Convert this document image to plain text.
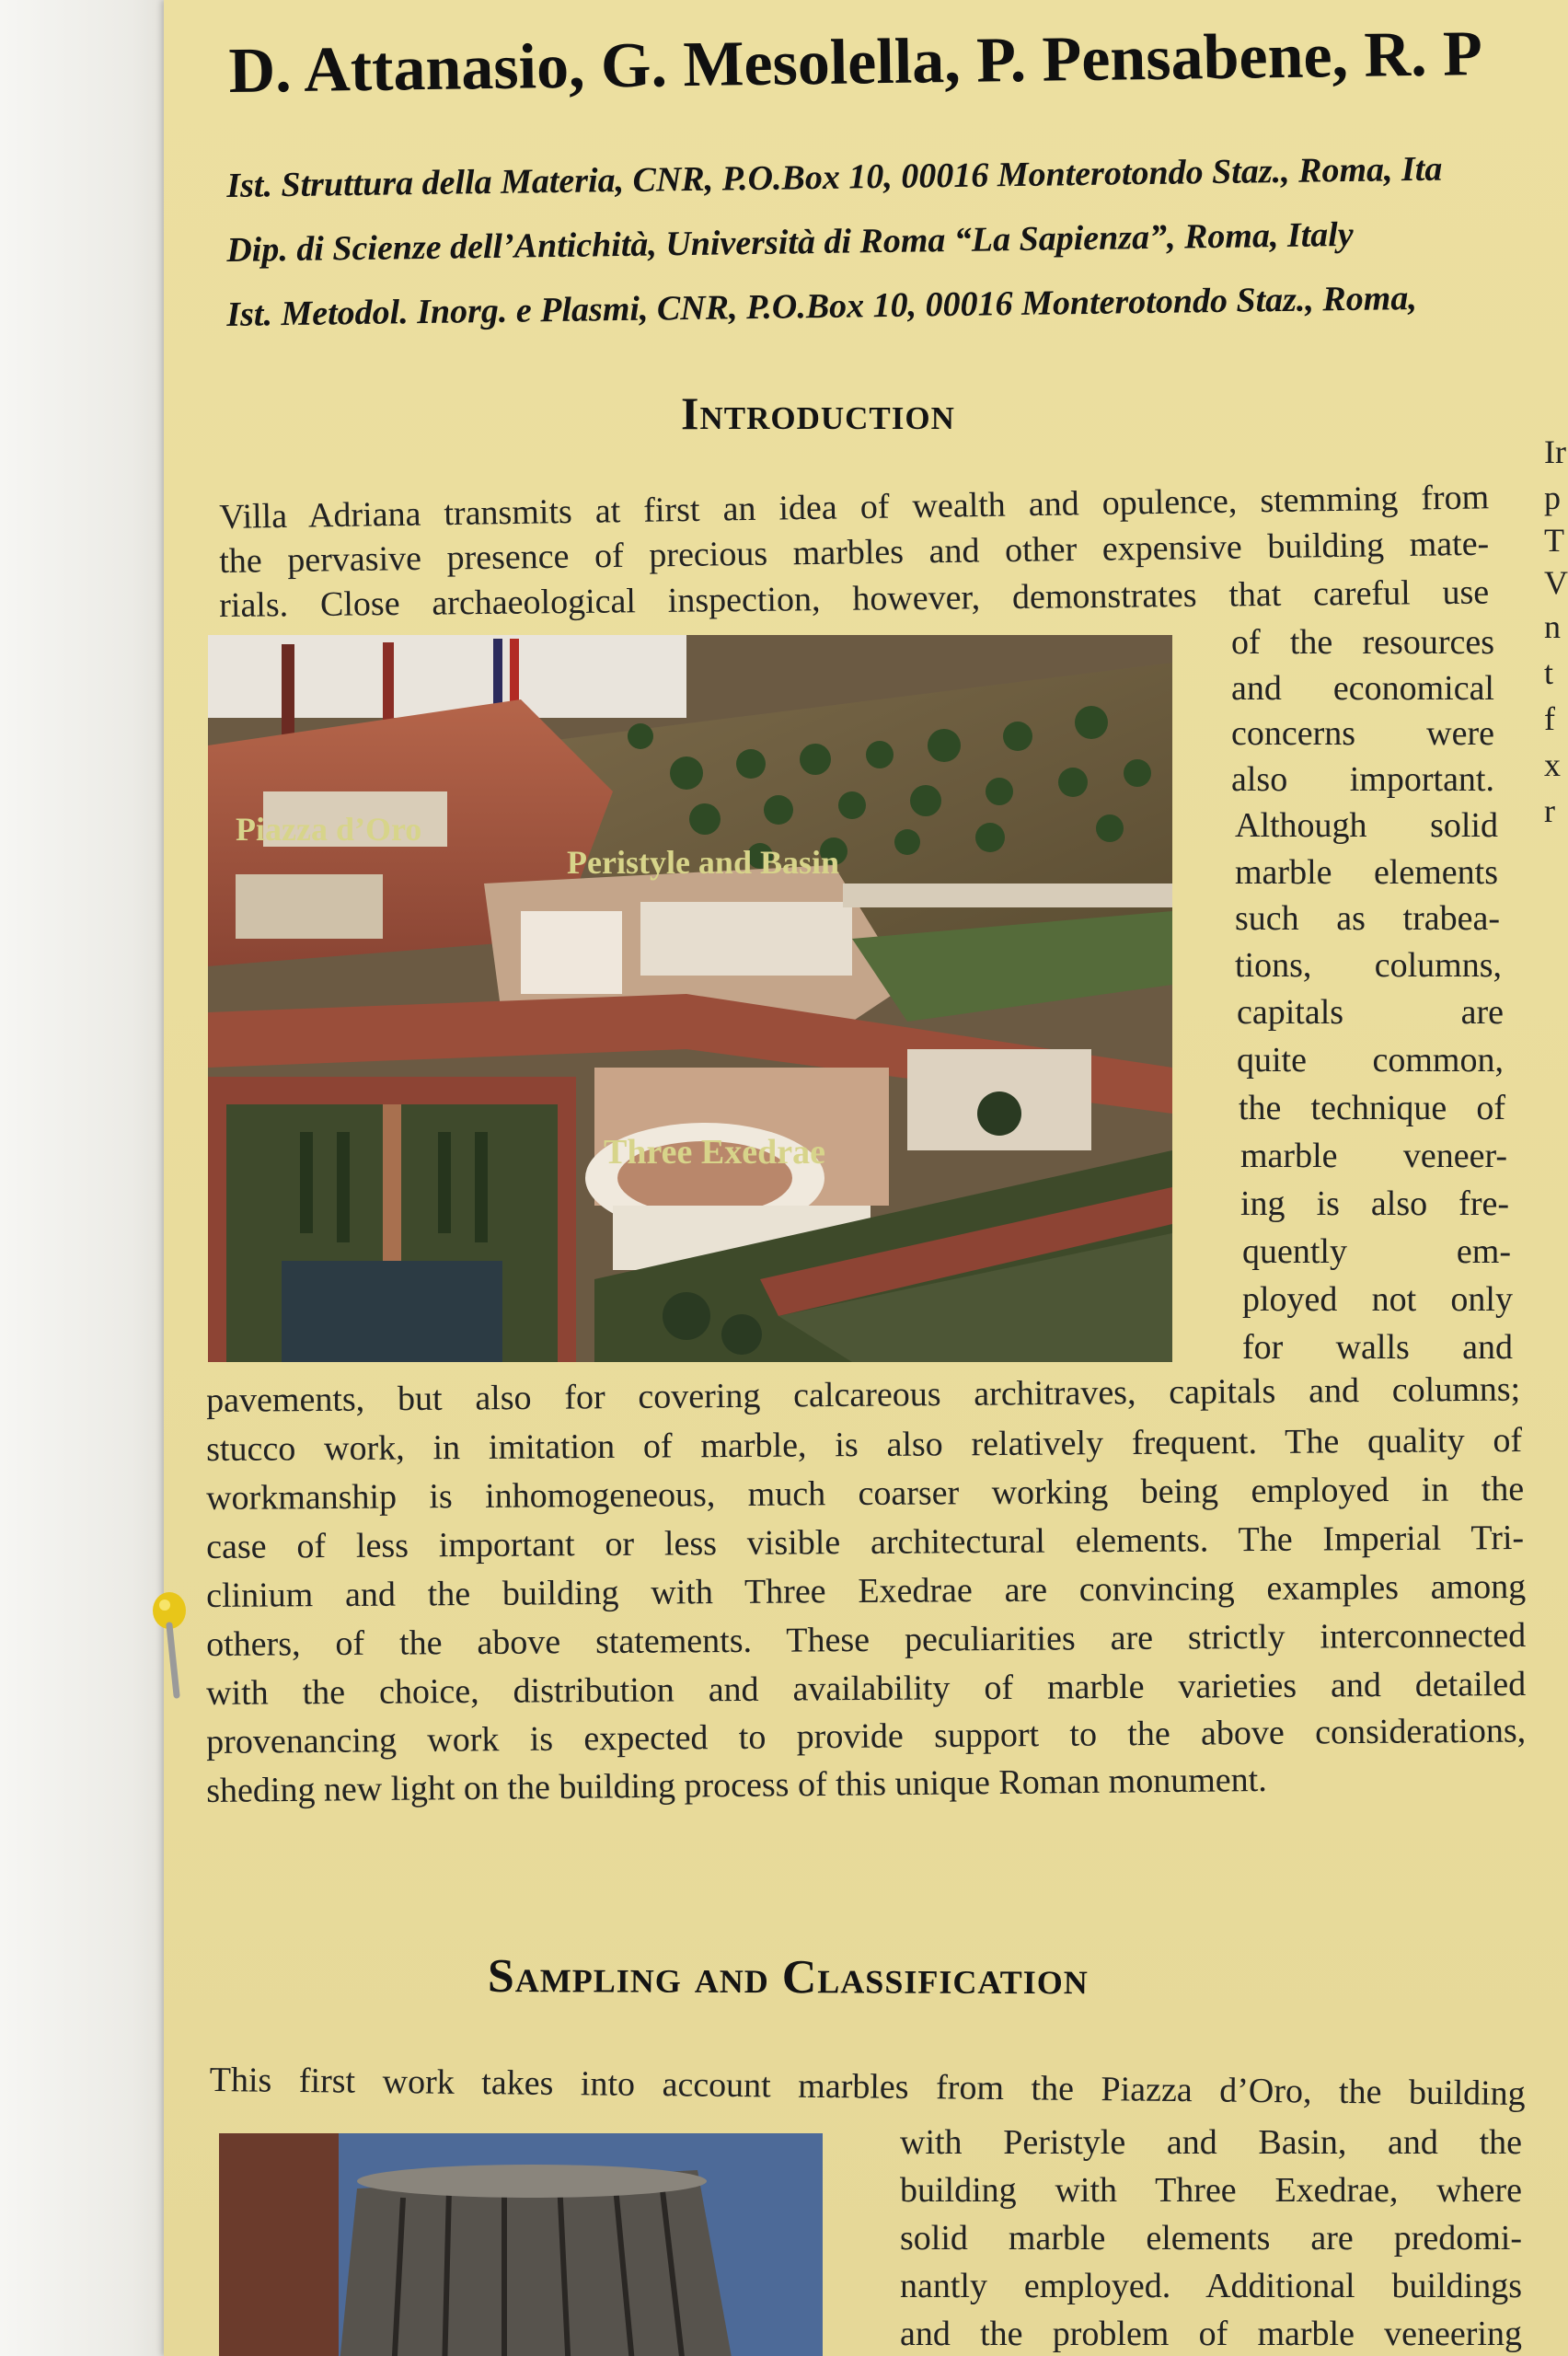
D. Attanasio, G. Mesolella, P. Pensabene, R. P
Ist. Struttura della Materia, CNR, P.O.Box 10, 00016 Monterotondo Staz., Roma, Ita
Dip. di Scienze dell’Antichità, Università di Roma “La Sapienza”, Roma, Italy
Ist. Metodol. Inorg. e Plasmi, CNR, P.O.Box 10, 00016 Monterotondo Staz., Roma,
Introduction
Villa Adriana transmits at first an idea of wealth and opulence, stemming from
the pervasive presence of precious marbles and other expensive building mate-
rials. Close archaeological inspection, however, demonstrates that careful use
of the resources
and economical
concerns were
also important.
Although solid
marble elements
such as trabea-
tions, columns,
capitals are
quite common,
the technique of
marble veneer-
ing is also fre-
quently em-
ployed not only
for walls and
pavements, but also for covering calcareous architraves, capitals and columns;
stucco work, in imitation of marble, is also relatively frequent. The quality of
workmanship is inhomogeneous, much coarser working being employed in the
case of less important or less visible architectural elements. The Imperial Tri-
clinium and the building with Three Exedrae are convincing examples among
others, of the above statements. These peculiarities are strictly interconnected
with the choice, distribution and availability of marble varieties and detailed
provenancing work is expected to provide support to the above considerations,
sheding new light on the building process of this unique Roman monument.
Piazza d’Oro
Peristyle and Basin
Three Exedrae
Sampling and Classification
This first work takes into account marbles from the Piazza d’Oro, the building
with Peristyle and Basin, and the
building with Three Exedrae, where
solid marble elements are predomi-
nantly employed. Additional buildings
and the problem of marble veneering
Ir
p
T
V
n
t
f
x
r
